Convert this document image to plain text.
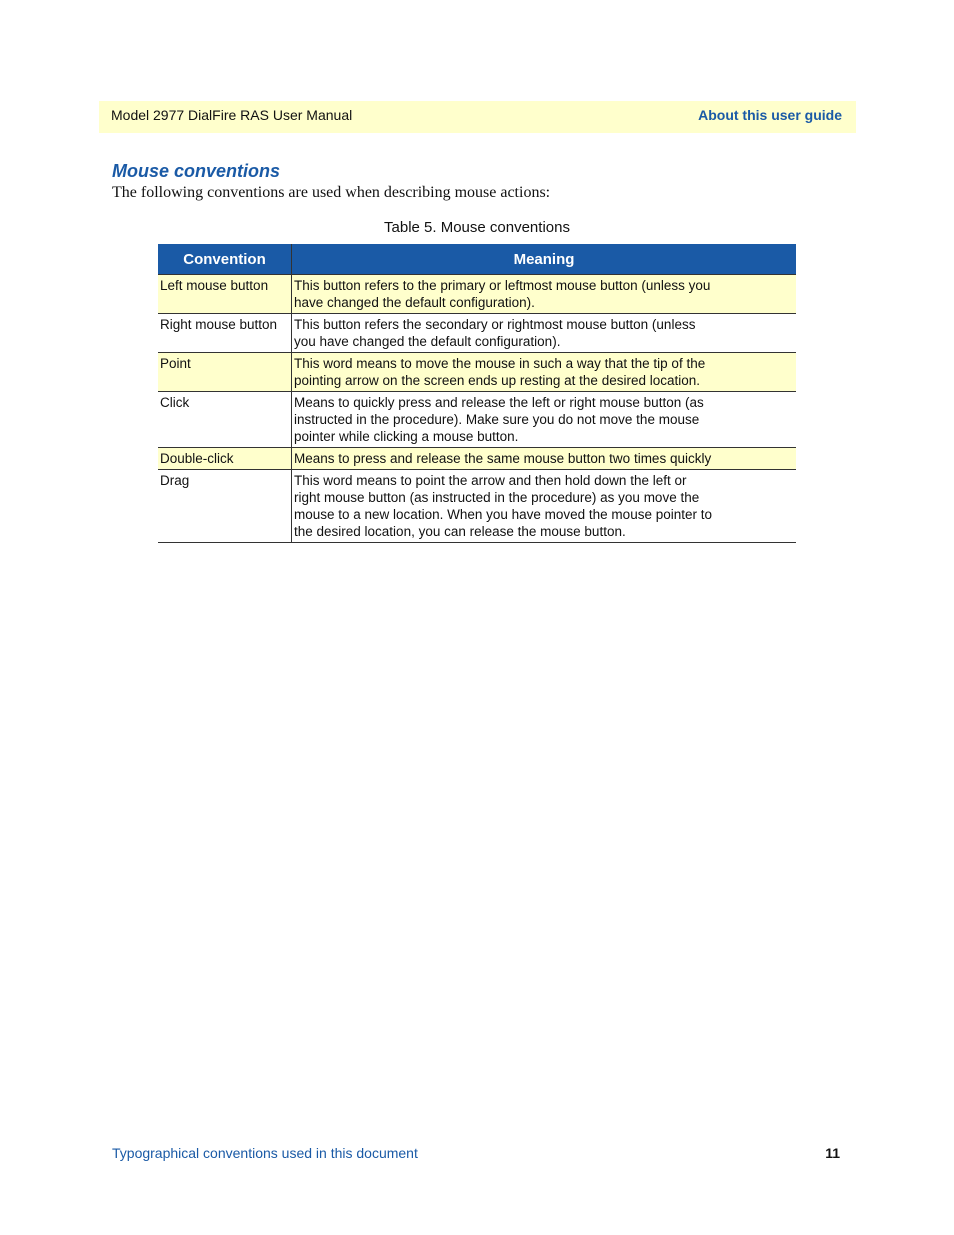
Model 2977 DialFire RAS User Manual	About this user guide
Mouse conventions
The following conventions are used when describing mouse actions:
Table 5. Mouse conventions
Convention	Meaning
Left mouse button	This button refers to the primary or leftmost mouse button (unless you have changed the default configuration).

Right mouse button	This button refers the secondary or rightmost mouse button (unless you have changed the default configuration).

Point	This word means to move the mouse in such a way that the tip of the pointing arrow on the screen ends up resting at the desired location.

Click	Means to quickly press and release the left or right mouse button (as instructed in the procedure). Make sure you do not move the mouse pointer while clicking a mouse button.

Double-click	Means to press and release the same mouse button two times quickly

Drag	This word means to point the arrow and then hold down the left or right mouse button (as instructed in the procedure) as you move the mouse to a new location. When you have moved the mouse pointer to the desired location, you can release the mouse button.
Typographical conventions used in this document	11
